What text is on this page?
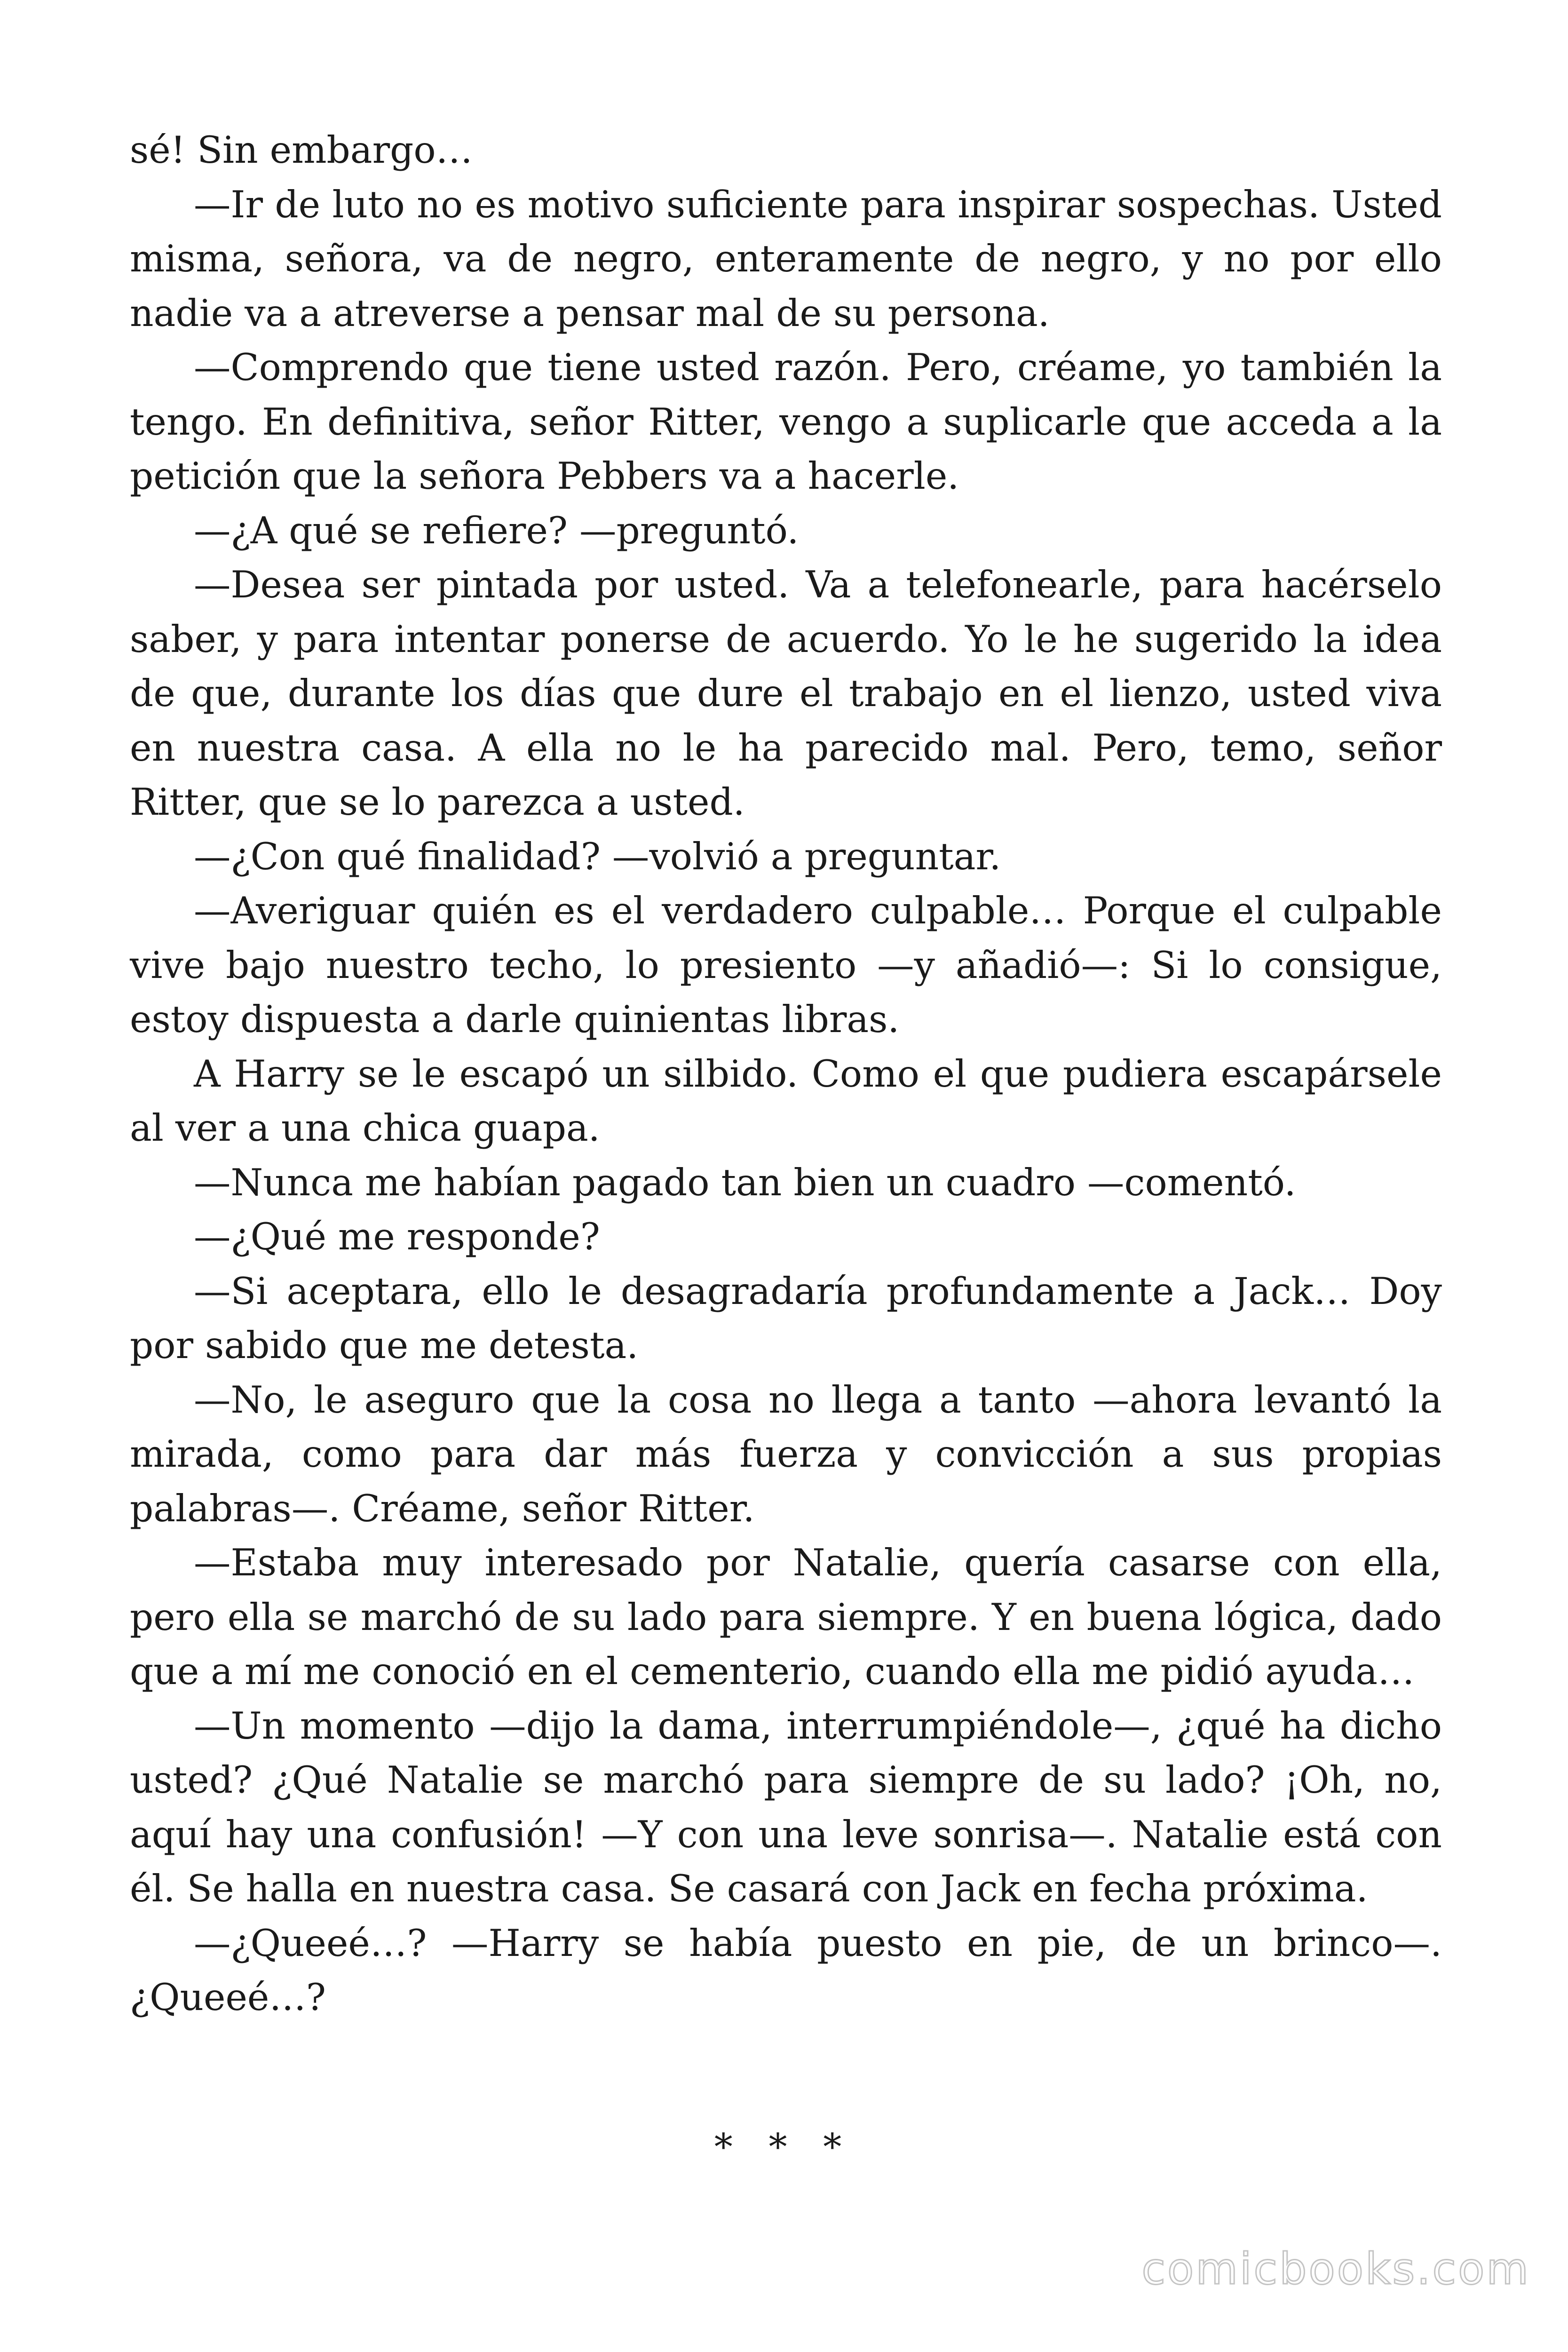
sé! Sin embargo…

—Ir de luto no es motivo suficiente para inspirar sospechas. Usted misma, señora, va de negro, enteramente de negro, y no por ello nadie va a atreverse a pensar mal de su persona.

—Comprendo que tiene usted razón. Pero, créame, yo también la tengo. En definitiva, señor Ritter, vengo a suplicarle que acceda a la petición que la señora Pebbers va a hacerle.

—¿A qué se refiere? —preguntó.

—Desea ser pintada por usted. Va a telefonearle, para hacérselo saber, y para intentar ponerse de acuerdo. Yo le he sugerido la idea de que, durante los días que dure el trabajo en el lienzo, usted viva en nuestra casa. A ella no le ha parecido mal. Pero, temo, señor Ritter, que se lo parezca a usted.

—¿Con qué finalidad? —volvió a preguntar.

—Averiguar quién es el verdadero culpable… Porque el culpable vive bajo nuestro techo, lo presiento —y añadió—: Si lo consigue, estoy dispuesta a darle quinientas libras.

A Harry se le escapó un silbido. Como el que pudiera escapársele al ver a una chica guapa.

—Nunca me habían pagado tan bien un cuadro —comentó.

—¿Qué me responde?

—Si aceptara, ello le desagradaría profundamente a Jack… Doy por sabido que me detesta.

—No, le aseguro que la cosa no llega a tanto —ahora levantó la mirada, como para dar más fuerza y convicción a sus propias palabras—. Créame, señor Ritter.

—Estaba muy interesado por Natalie, quería casarse con ella, pero ella se marchó de su lado para siempre. Y en buena lógica, dado que a mí me conoció en el cementerio, cuando ella me pidió ayuda…

—Un momento —dijo la dama, interrumpiéndole—, ¿qué ha dicho usted? ¿Qué Natalie se marchó para siempre de su lado? ¡Oh, no, aquí hay una confusión! —Y con una leve sonrisa—. Natalie está con él. Se halla en nuestra casa. Se casará con Jack en fecha próxima.

—¿Queeé…? —Harry se había puesto en pie, de un brinco—. ¿Queeé…?

* * *
comicbooks.com
